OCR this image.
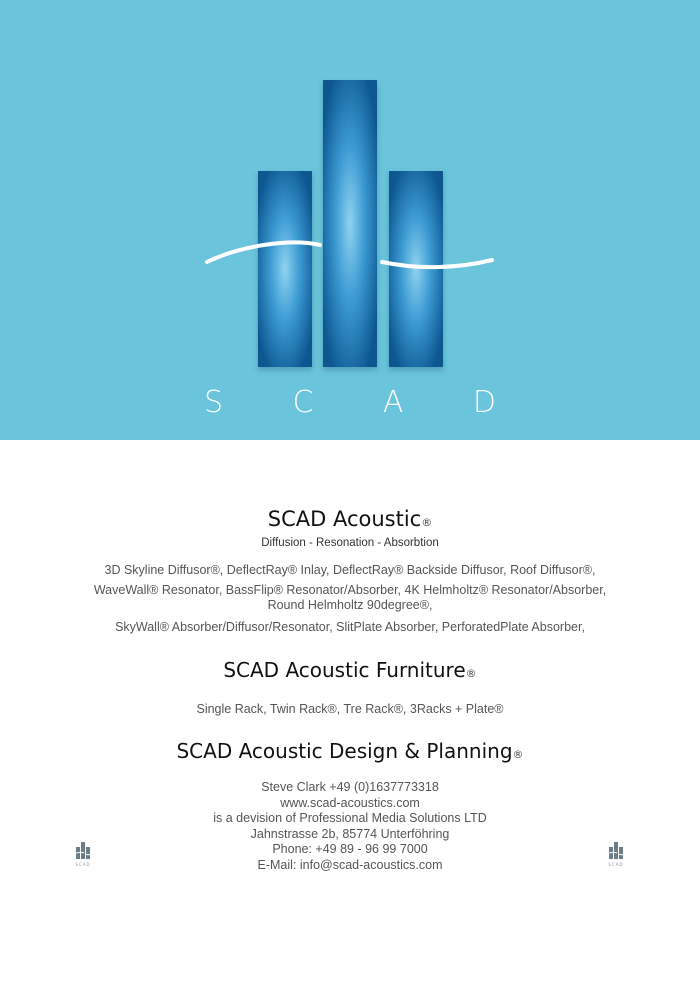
S C A D
SCAD Acoustic®
Diffusion - Resonation - Absorbtion
3D Skyline Diffusor®, DeflectRay® Inlay, DeflectRay® Backside Diffusor, Roof Diffusor®,
WaveWall® Resonator, BassFlip® Resonator/Absorber, 4K Helmholtz® Resonator/Absorber,
Round Helmholtz 90degree®,
SkyWall® Absorber/Diffusor/Resonator, SlitPlate Absorber, PerforatedPlate Absorber,
SCAD Acoustic Furniture®
Single Rack, Twin Rack®, Tre Rack®, 3Racks + Plate®
SCAD Acoustic Design & Planning®
Steve Clark +49 (0)1637773318
www.scad-acoustics.com
is a devision of Professional Media Solutions LTD
Jahnstrasse 2b, 85774 Unterföhring
Phone: +49 89 - 96 99 7000
E-Mail: info@scad-acoustics.com
SCAD	SCAD
